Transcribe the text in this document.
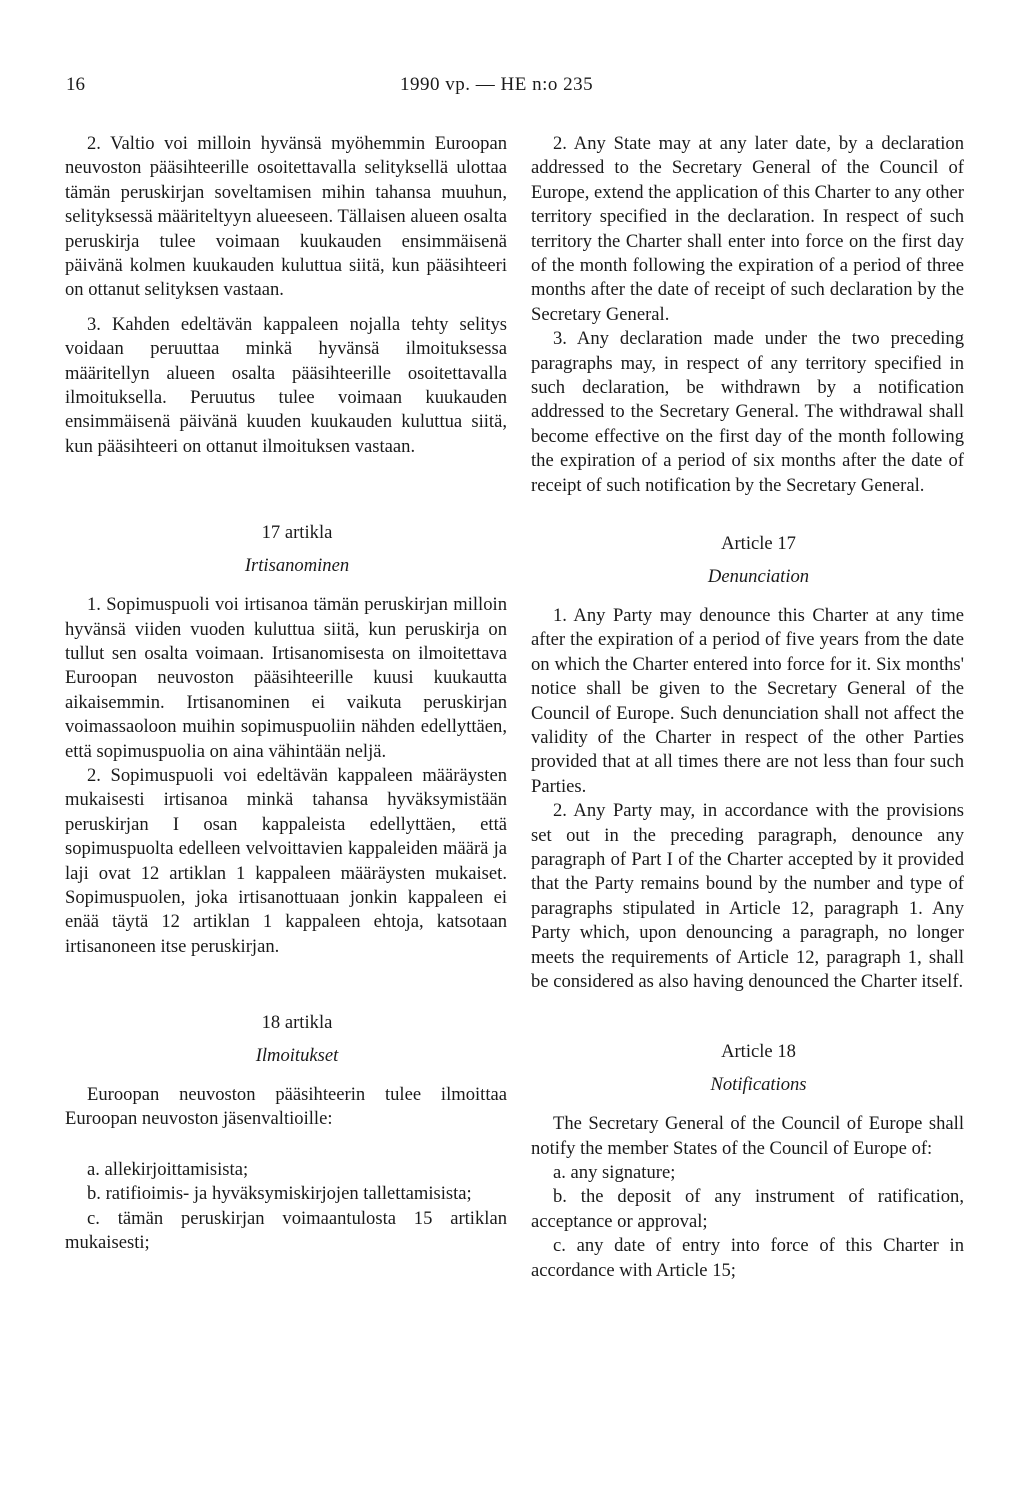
16	1990 vp. — HE n:o 235

2. Valtio voi milloin hyvänsä myöhemmin Euroopan neuvoston pääsihteerille osoitettavalla selityksellä ulottaa tämän peruskirjan soveltamisen mihin tahansa muuhun, selityksessä määriteltyyn alueeseen. Tällaisen alueen osalta peruskirja tulee voimaan kuukauden ensimmäisenä päivänä kolmen kuukauden kuluttua siitä, kun pääsihteeri on ottanut selityksen vastaan.

3. Kahden edeltävän kappaleen nojalla tehty selitys voidaan peruuttaa minkä hyvänsä ilmoituksessa määritellyn alueen osalta pääsihteerille osoitettavalla ilmoituksella. Peruutus tulee voimaan kuukauden ensimmäisenä päivänä kuuden kuukauden kuluttua siitä, kun pääsihteeri on ottanut ilmoituksen vastaan.

17 artikla

Irtisanominen

1. Sopimuspuoli voi irtisanoa tämän peruskirjan milloin hyvänsä viiden vuoden kuluttua siitä, kun peruskirja on tullut sen osalta voimaan. Irtisanomisesta on ilmoitettava Euroopan neuvoston pääsihteerille kuusi kuukautta aikaisemmin. Irtisanominen ei vaikuta peruskirjan voimassaoloon muihin sopimuspuoliin nähden edellyttäen, että sopimuspuolia on aina vähintään neljä.

2. Sopimuspuoli voi edeltävän kappaleen määräysten mukaisesti irtisanoa minkä tahansa hyväksymistään peruskirjan I osan kappaleista edellyttäen, että sopimuspuolta edelleen velvoittavien kappaleiden määrä ja laji ovat 12 artiklan 1 kappaleen määräysten mukaiset. Sopimuspuolen, joka irtisanottuaan jonkin kappaleen ei enää täytä 12 artiklan 1 kappaleen ehtoja, katsotaan irtisanoneen itse peruskirjan.

18 artikla

Ilmoitukset

Euroopan neuvoston pääsihteerin tulee ilmoittaa Euroopan neuvoston jäsenvaltioille:

a. allekirjoittamisista;

b. ratifioimis- ja hyväksymiskirjojen tallettamisista;

c. tämän peruskirjan voimaantulosta 15 artiklan mukaisesti;

2. Any State may at any later date, by a declaration addressed to the Secretary General of the Council of Europe, extend the application of this Charter to any other territory specified in the declaration. In respect of such territory the Charter shall enter into force on the first day of the month following the expiration of a period of three months after the date of receipt of such declaration by the Secretary General.

3. Any declaration made under the two preceding paragraphs may, in respect of any territory specified in such declaration, be withdrawn by a notification addressed to the Secretary General. The withdrawal shall become effective on the first day of the month following the expiration of a period of six months after the date of receipt of such notification by the Secretary General.

Article 17

Denunciation

1. Any Party may denounce this Charter at any time after the expiration of a period of five years from the date on which the Charter entered into force for it. Six months' notice shall be given to the Secretary General of the Council of Europe. Such denunciation shall not affect the validity of the Charter in respect of the other Parties provided that at all times there are not less than four such Parties.

2. Any Party may, in accordance with the provisions set out in the preceding paragraph, denounce any paragraph of Part I of the Charter accepted by it provided that the Party remains bound by the number and type of paragraphs stipulated in Article 12, paragraph 1. Any Party which, upon denouncing a paragraph, no longer meets the requirements of Article 12, paragraph 1, shall be considered as also having denounced the Charter itself.

Article 18

Notifications

The Secretary General of the Council of Europe shall notify the member States of the Council of Europe of:

a. any signature;

b. the deposit of any instrument of ratification, acceptance or approval;

c. any date of entry into force of this Charter in accordance with Article 15;
